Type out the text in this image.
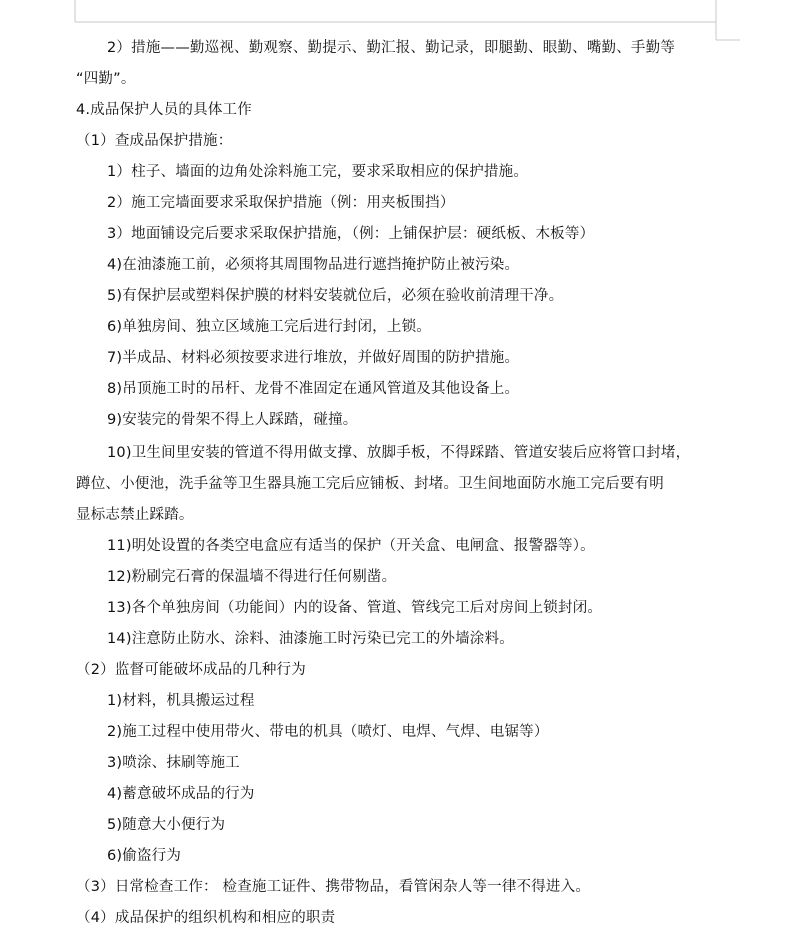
2）措施——勤巡视、勤观察、勤提示、勤汇报、勤记录，即腿勤、眼勤、嘴勤、手勤等
“四勤”。
4.成品保护人员的具体工作
（1）查成品保护措施：
1）柱子、墙面的边角处涂料施工完，要求采取相应的保护措施。
2）施工完墙面要求采取保护措施（例：用夹板围挡）
3）地面铺设完后要求采取保护措施，（例：上铺保护层：硬纸板、木板等）
4)在油漆施工前，必须将其周围物品进行遮挡掩护防止被污染。
5)有保护层或塑料保护膜的材料安装就位后，必须在验收前清理干净。
6)单独房间、独立区域施工完后进行封闭，上锁。
7)半成品、材料必须按要求进行堆放，并做好周围的防护措施。
8)吊顶施工时的吊杆、龙骨不准固定在通风管道及其他设备上。
9)安装完的骨架不得上人踩踏，碰撞。
10)卫生间里安装的管道不得用做支撑、放脚手板，不得踩踏、管道安装后应将管口封堵，
蹲位、小便池，洗手盆等卫生器具施工完后应铺板、封堵。卫生间地面防水施工完后要有明
显标志禁止踩踏。
11)明处设置的各类空电盒应有适当的保护（开关盒、电闸盒、报警器等）。
12)粉刷完石膏的保温墙不得进行任何剔凿。
13)各个单独房间（功能间）内的设备、管道、管线完工后对房间上锁封闭。
14)注意防止防水、涂料、油漆施工时污染已完工的外墙涂料。
（2）监督可能破坏成品的几种行为
1)材料，机具搬运过程
2)施工过程中使用带火、带电的机具（喷灯、电焊、气焊、电锯等）
3)喷涂、抹刷等施工
4)蓄意破坏成品的行为
5)随意大小便行为
6)偷盗行为
（3）日常检查工作： 检查施工证件、携带物品，看管闲杂人等一律不得进入。
（4）成品保护的组织机构和相应的职责
